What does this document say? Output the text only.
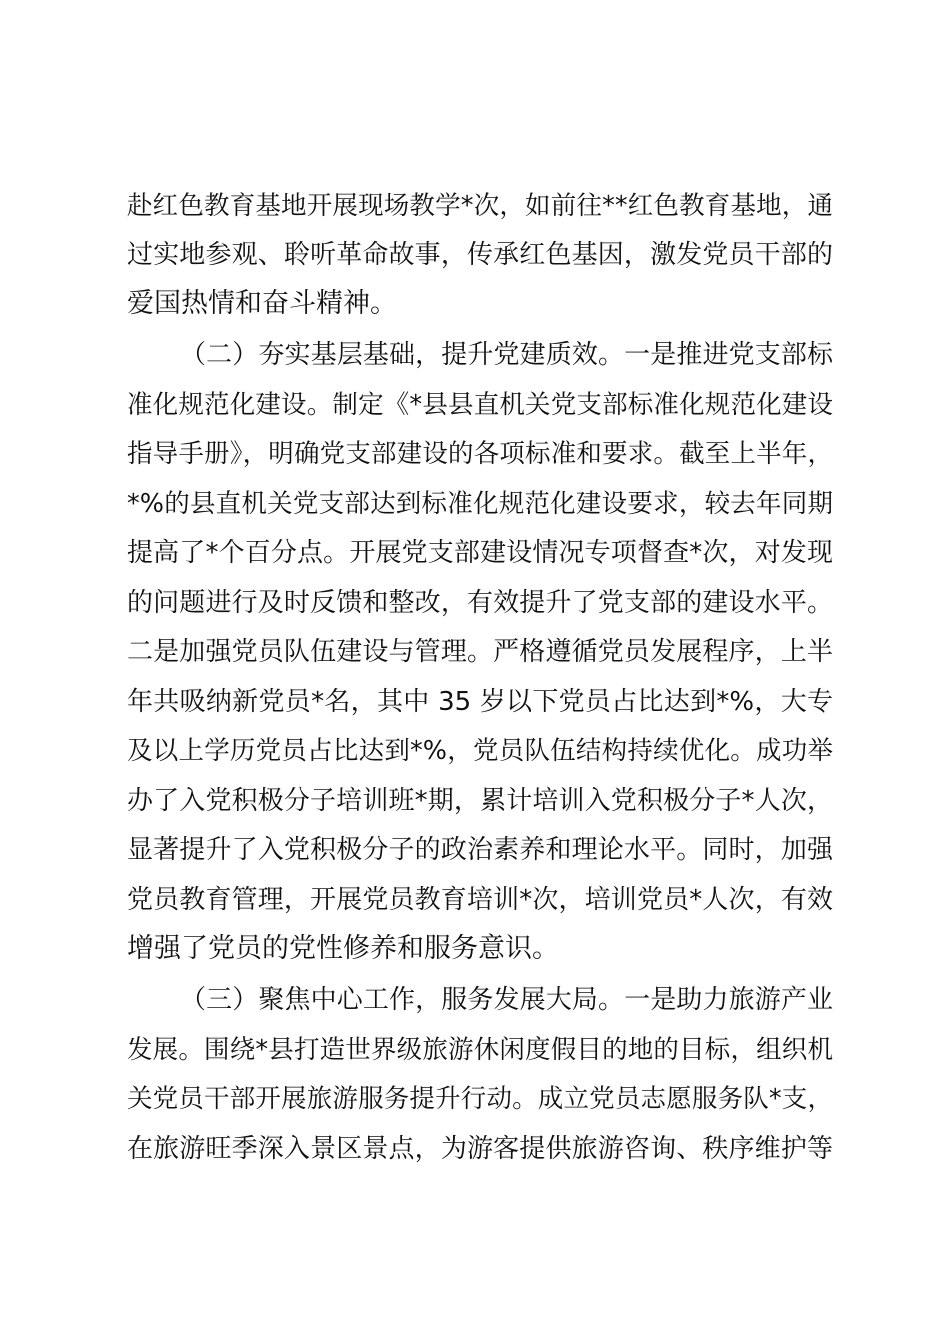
赴红色教育基地开展现场教学*次，如前往**红色教育基地，通
过实地参观、聆听革命故事，传承红色基因，激发党员干部的
爱国热情和奋斗精神。
（二）夯实基层基础，提升党建质效。一是推进党支部标
准化规范化建设。制定《*县县直机关党支部标准化规范化建设
指导手册》，明确党支部建设的各项标准和要求。截至上半年，
*%的县直机关党支部达到标准化规范化建设要求，较去年同期
提高了*个百分点。开展党支部建设情况专项督查*次，对发现
的问题进行及时反馈和整改，有效提升了党支部的建设水平。
二是加强党员队伍建设与管理。严格遵循党员发展程序，上半
年共吸纳新党员*名，其中 35 岁以下党员占比达到*%，大专
及以上学历党员占比达到*%，党员队伍结构持续优化。成功举
办了入党积极分子培训班*期，累计培训入党积极分子*人次，
显著提升了入党积极分子的政治素养和理论水平。同时，加强
党员教育管理，开展党员教育培训*次，培训党员*人次，有效
增强了党员的党性修养和服务意识。
（三）聚焦中心工作，服务发展大局。一是助力旅游产业
发展。围绕*县打造世界级旅游休闲度假目的地的目标，组织机
关党员干部开展旅游服务提升行动。成立党员志愿服务队*支，
在旅游旺季深入景区景点，为游客提供旅游咨询、秩序维护等
